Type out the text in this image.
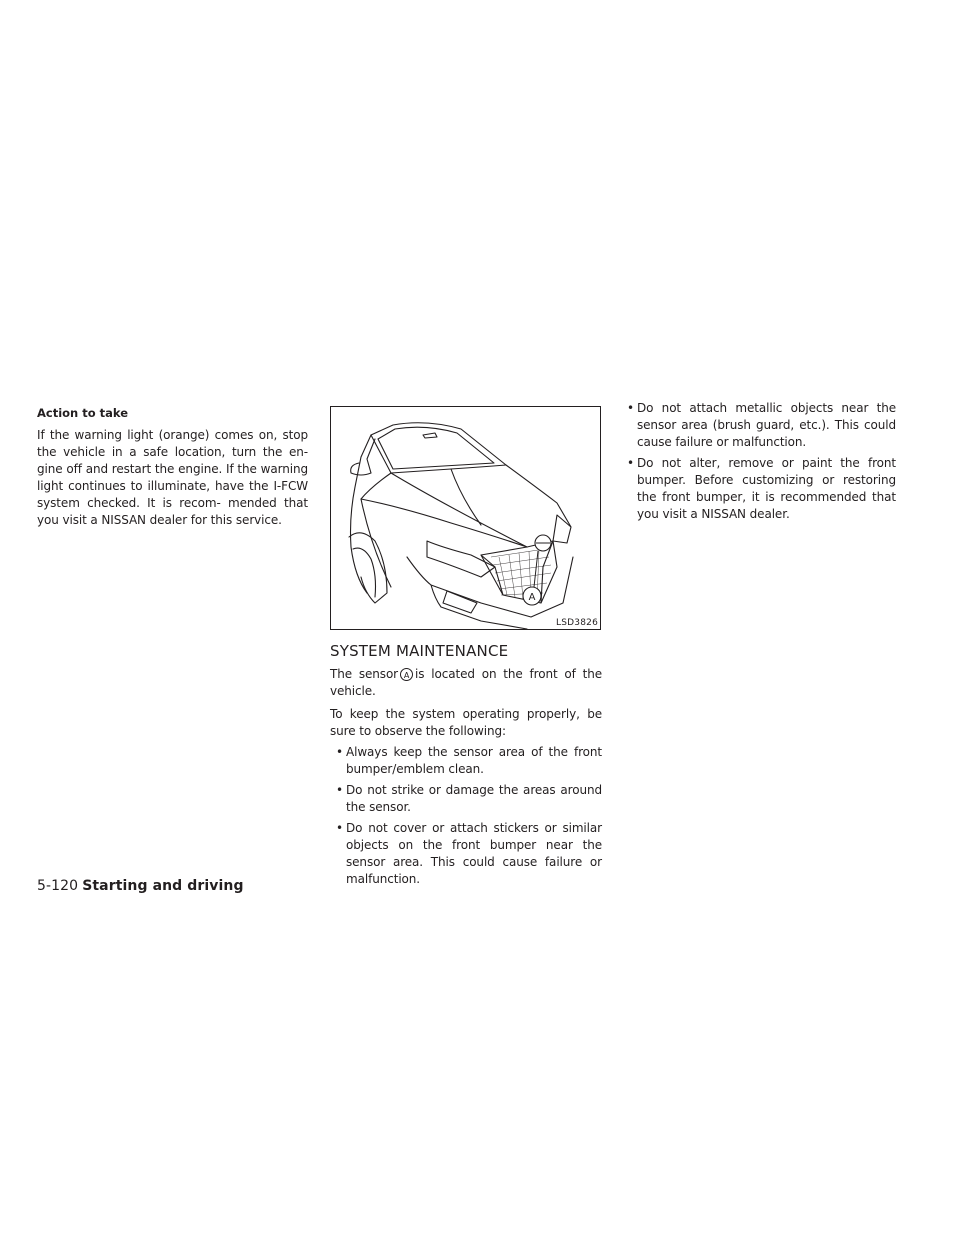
Action to take

If the warning light (orange) comes on, stop the vehicle in a safe location, turn the en- gine off and restart the engine. If the warning light continues to illuminate, have the I-FCW system checked. It is recom- mended that you visit a NISSAN dealer for this service.

A
LSD3826
SYSTEM MAINTENANCE

The sensor A is located on the front of the vehicle.

To keep the system operating properly, be sure to observe the following:

• Always keep the sensor area of the front bumper/emblem clean.
• Do not strike or damage the areas around the sensor.
• Do not cover or attach stickers or similar objects on the front bumper near the sensor area. This could cause failure or malfunction.
• Do not attach metallic objects near the sensor area (brush guard, etc.). This could cause failure or malfunction.
• Do not alter, remove or paint the front bumper. Before customizing or restoring the front bumper, it is recommended that you visit a NISSAN dealer.
5-120 Starting and driving
